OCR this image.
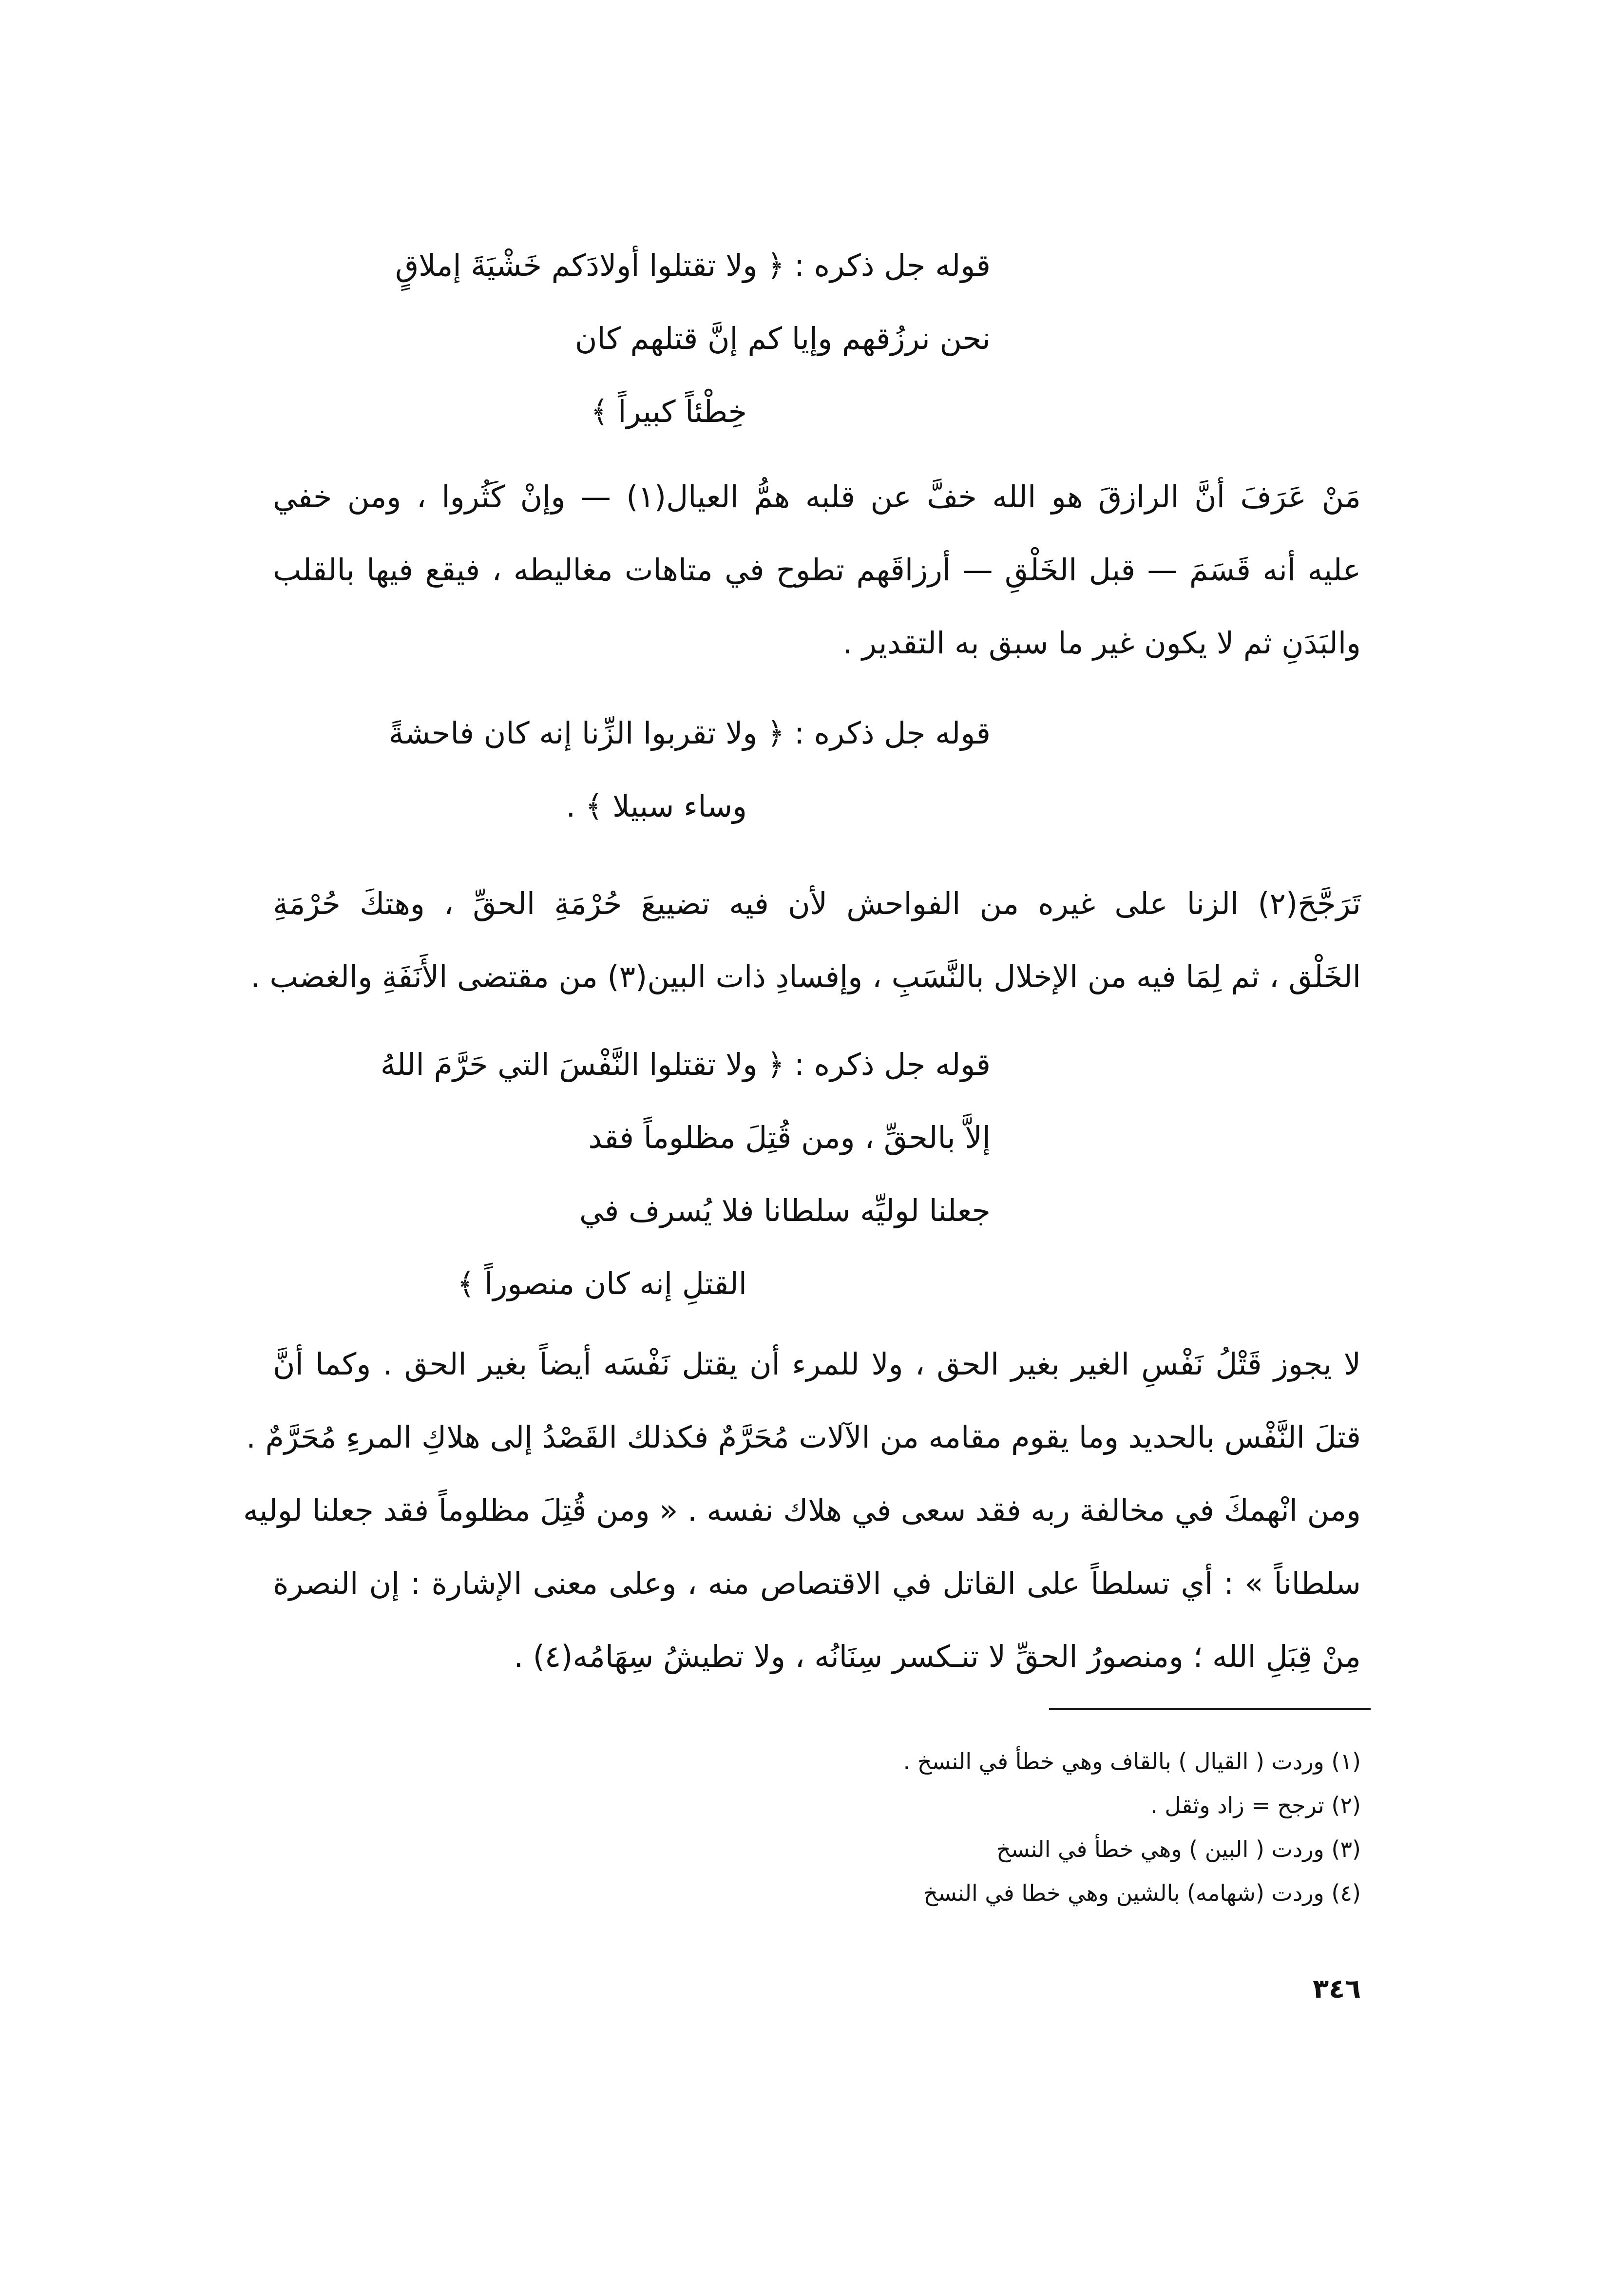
قوله جل ذكره : ﴿ ولا تقتلوا أولادَكم خَشْيَةَ إملاقٍ

نحن نرزُقهم وإيا كم إنَّ قتلهم كان

خِطْئاً كبيراً ﴾

مَنْ عَرَفَ أنَّ الرازقَ هو الله خفَّ عن قلبه همُّ العيال(١) — وإنْ كَثُروا ، ومن خفي

عليه أنه قَسَمَ — قبل الخَلْقِ — أرزاقَهم تطوح في متاهات مغاليطه ، فيقع فيها بالقلب

والبَدَنِ ثم لا يكون غير ما سبق به التقدير .

قوله جل ذكره : ﴿ ولا تقربوا الزِّنا إنه كان فاحشةً

وساء سبيلا ﴾ .

تَرَجَّحَ(٢) الزنا على غيره من الفواحش لأن فيه تضييعَ حُرْمَةِ الحقِّ ، وهتكَ حُرْمَةِ

الخَلْق ، ثم لِمَا فيه من الإخلال بالنَّسَبِ ، وإفسادِ ذات البين(٣) من مقتضى الأَنَفَةِ والغضب .

قوله جل ذكره : ﴿ ولا تقتلوا النَّفْسَ التي حَرَّمَ اللهُ

إلاَّ بالحقِّ ، ومن قُتِلَ مظلوماً فقد

جعلنا لوليِّه سلطانا فلا يُسرف في

القتلِ إنه كان منصوراً ﴾

لا يجوز قَتْلُ نَفْسِ الغير بغير الحق ، ولا للمرء أن يقتل نَفْسَه أيضاً بغير الحق . وكما أنَّ

قتلَ النَّفْس بالحديد وما يقوم مقامه من الآلات مُحَرَّمٌ فكذلك القَصْدُ إلى هلاكِ المرءِ مُحَرَّمٌ .

ومن انْهمكَ في مخالفة ربه فقد سعى في هلاك نفسه . « ومن قُتِلَ مظلوماً فقد جعلنا لوليه

سلطاناً » : أي تسلطاً على القاتل في الاقتصاص منه ، وعلى معنى الإشارة : إن النصرة

مِنْ قِبَلِ الله ؛ ومنصورُ الحقِّ لا تنـكسر سِنَانُه ، ولا تطيشُ سِهَامُه(٤) .

(١) وردت ( القيال ) بالقاف وهي خطأ في النسخ .

(٢) ترجح = زاد وثقل .

(٣) وردت ( البين ) وهي خطأ في النسخ

(٤) وردت (شهامه) بالشين وهي خطا في النسخ

٣٤٦
